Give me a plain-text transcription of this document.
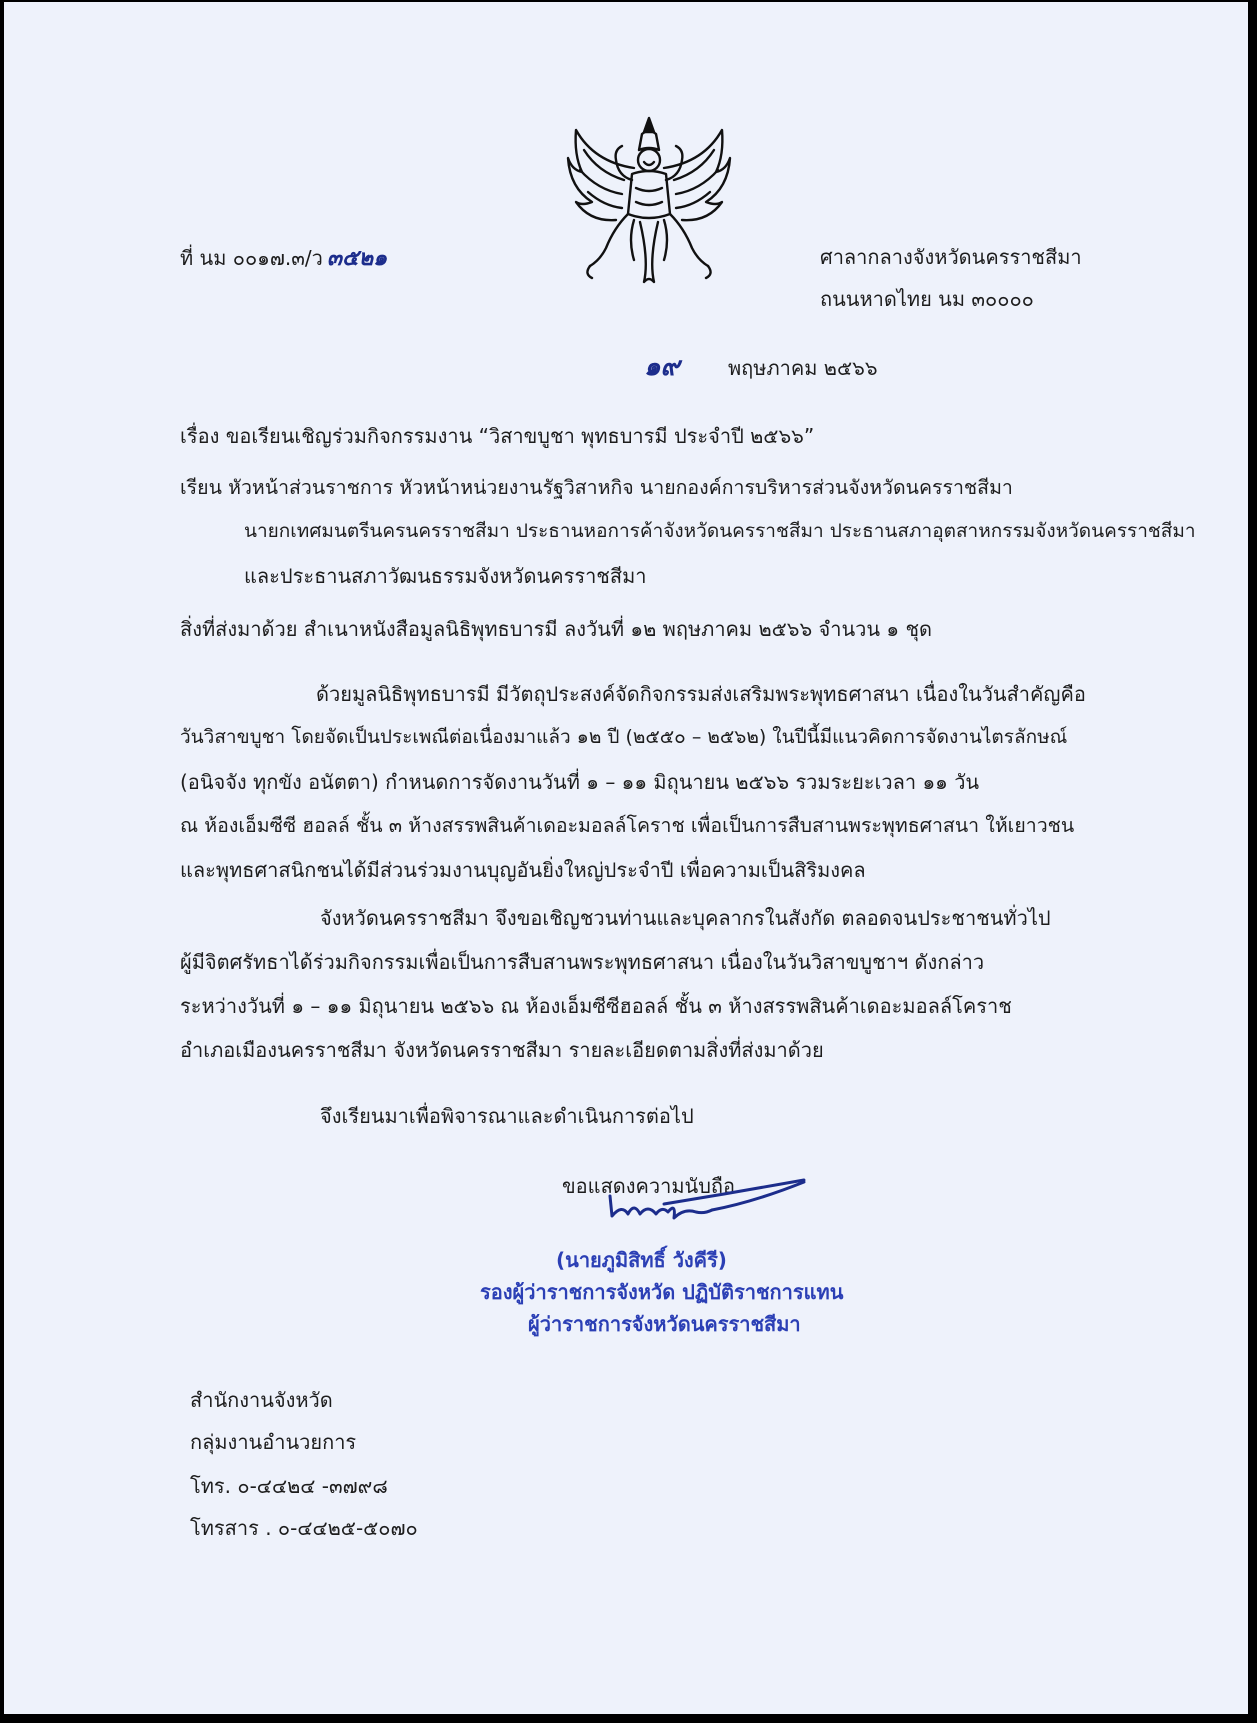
ที่ นม ๐๐๑๗.๓/ว ๓๕๒๑	ศาลากลางจังหวัดนครราชสีมา
ถนนหาดไทย นม ๓๐๐๐๐
๑๙ พฤษภาคม ๒๕๖๖
เรื่อง ขอเรียนเชิญร่วมกิจกรรมงาน “วิสาขบูชา พุทธบารมี ประจำปี ๒๕๖๖”
เรียน หัวหน้าส่วนราชการ หัวหน้าหน่วยงานรัฐวิสาหกิจ นายกองค์การบริหารส่วนจังหวัดนครราชสีมา
นายกเทศมนตรีนครนครราชสีมา ประธานหอการค้าจังหวัดนครราชสีมา ประธานสภาอุตสาหกรรมจังหวัดนครราชสีมา
และประธานสภาวัฒนธรรมจังหวัดนครราชสีมา
สิ่งที่ส่งมาด้วย สำเนาหนังสือมูลนิธิพุทธบารมี ลงวันที่ ๑๒ พฤษภาคม ๒๕๖๖ จำนวน ๑ ชุด
ด้วยมูลนิธิพุทธบารมี มีวัตถุประสงค์จัดกิจกรรมส่งเสริมพระพุทธศาสนา เนื่องในวันสำคัญคือ
วันวิสาขบูชา โดยจัดเป็นประเพณีต่อเนื่องมาแล้ว ๑๒ ปี (๒๕๕๐ – ๒๕๖๒) ในปีนี้มีแนวคิดการจัดงานไตรลักษณ์
(อนิจจัง ทุกขัง อนัตตา) กำหนดการจัดงานวันที่ ๑ – ๑๑ มิถุนายน ๒๕๖๖ รวมระยะเวลา ๑๑ วัน
ณ ห้องเอ็มซีซี ฮอลล์ ชั้น ๓ ห้างสรรพสินค้าเดอะมอลล์โคราช เพื่อเป็นการสืบสานพระพุทธศาสนา ให้เยาวชน
และพุทธศาสนิกชนได้มีส่วนร่วมงานบุญอันยิ่งใหญ่ประจำปี เพื่อความเป็นสิริมงคล
จังหวัดนครราชสีมา จึงขอเชิญชวนท่านและบุคลากรในสังกัด ตลอดจนประชาชนทั่วไป
ผู้มีจิตศรัทธาได้ร่วมกิจกรรมเพื่อเป็นการสืบสานพระพุทธศาสนา เนื่องในวันวิสาขบูชาฯ ดังกล่าว
ระหว่างวันที่ ๑ – ๑๑ มิถุนายน ๒๕๖๖ ณ ห้องเอ็มซีซีฮอลล์ ชั้น ๓ ห้างสรรพสินค้าเดอะมอลล์โคราช
อำเภอเมืองนครราชสีมา จังหวัดนครราชสีมา รายละเอียดตามสิ่งที่ส่งมาด้วย
จึงเรียนมาเพื่อพิจารณาและดำเนินการต่อไป
ขอแสดงความนับถือ
(นายภูมิสิทธิ์ วังคีรี)
รองผู้ว่าราชการจังหวัด ปฏิบัติราชการแทน
ผู้ว่าราชการจังหวัดนครราชสีมา
สำนักงานจังหวัด
กลุ่มงานอำนวยการ
โทร. ๐-๔๔๒๔ -๓๗๙๘
โทรสาร . ๐-๔๔๒๕-๕๐๗๐
